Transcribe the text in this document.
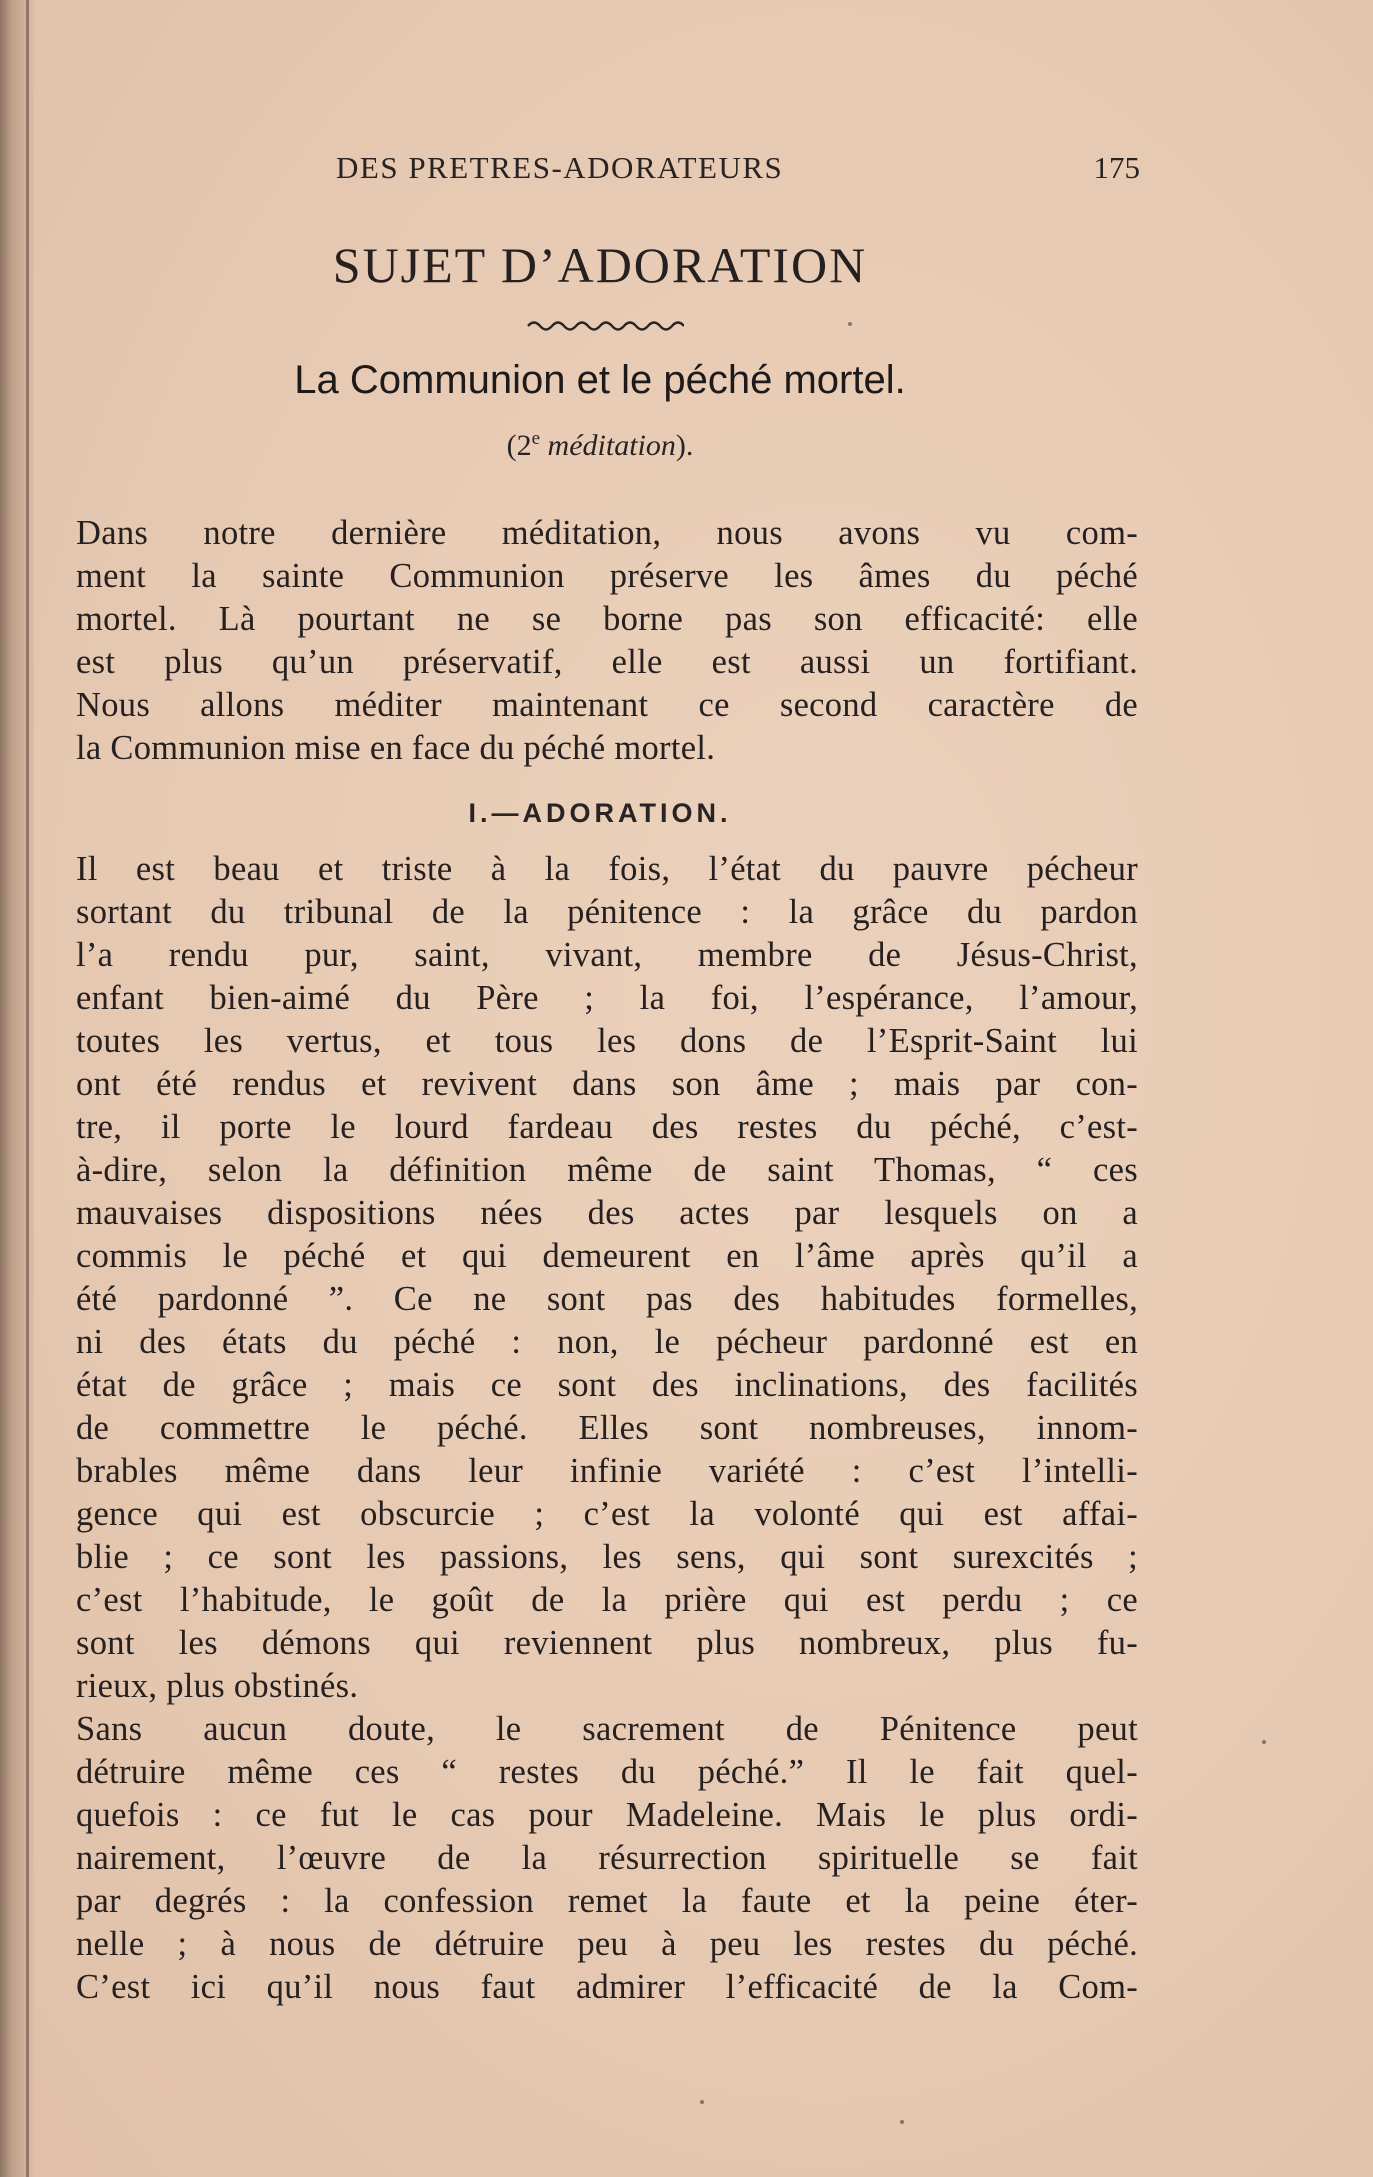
DES PRETRES-ADORATEURS	175
SUJET D’ADORATION
La Communion et le péché mortel.
(2e méditation).
Dans notre dernière méditation, nous avons vu com-
ment la sainte Communion préserve les âmes du péché
mortel. Là pourtant ne se borne pas son efficacité: elle
est plus qu’un préservatif, elle est aussi un fortifiant.
Nous allons méditer maintenant ce second caractère de
la Communion mise en face du péché mortel.
I.—ADORATION.
Il est beau et triste à la fois, l’état du pauvre pécheur
sortant du tribunal de la pénitence : la grâce du pardon
l’a rendu pur, saint, vivant, membre de Jésus-Christ,
enfant bien-aimé du Père ; la foi, l’espérance, l’amour,
toutes les vertus, et tous les dons de l’Esprit-Saint lui
ont été rendus et revivent dans son âme ; mais par con-
tre, il porte le lourd fardeau des restes du péché, c’est-
à-dire, selon la définition même de saint Thomas, “ ces
mauvaises dispositions nées des actes par lesquels on a
commis le péché et qui demeurent en l’âme après qu’il a
été pardonné ”. Ce ne sont pas des habitudes formelles,
ni des états du péché : non, le pécheur pardonné est en
état de grâce ; mais ce sont des inclinations, des facilités
de commettre le péché. Elles sont nombreuses, innom-
brables même dans leur infinie variété : c’est l’intelli-
gence qui est obscurcie ; c’est la volonté qui est affai-
blie ; ce sont les passions, les sens, qui sont surexcités ;
c’est l’habitude, le goût de la prière qui est perdu ; ce
sont les démons qui reviennent plus nombreux, plus fu-
rieux, plus obstinés.
Sans aucun doute, le sacrement de Pénitence peut
détruire même ces “ restes du péché.” Il le fait quel-
quefois : ce fut le cas pour Madeleine. Mais le plus ordi-
nairement, l’œuvre de la résurrection spirituelle se fait
par degrés : la confession remet la faute et la peine éter-
nelle ; à nous de détruire peu à peu les restes du péché.
C’est ici qu’il nous faut admirer l’efficacité de la Com-
